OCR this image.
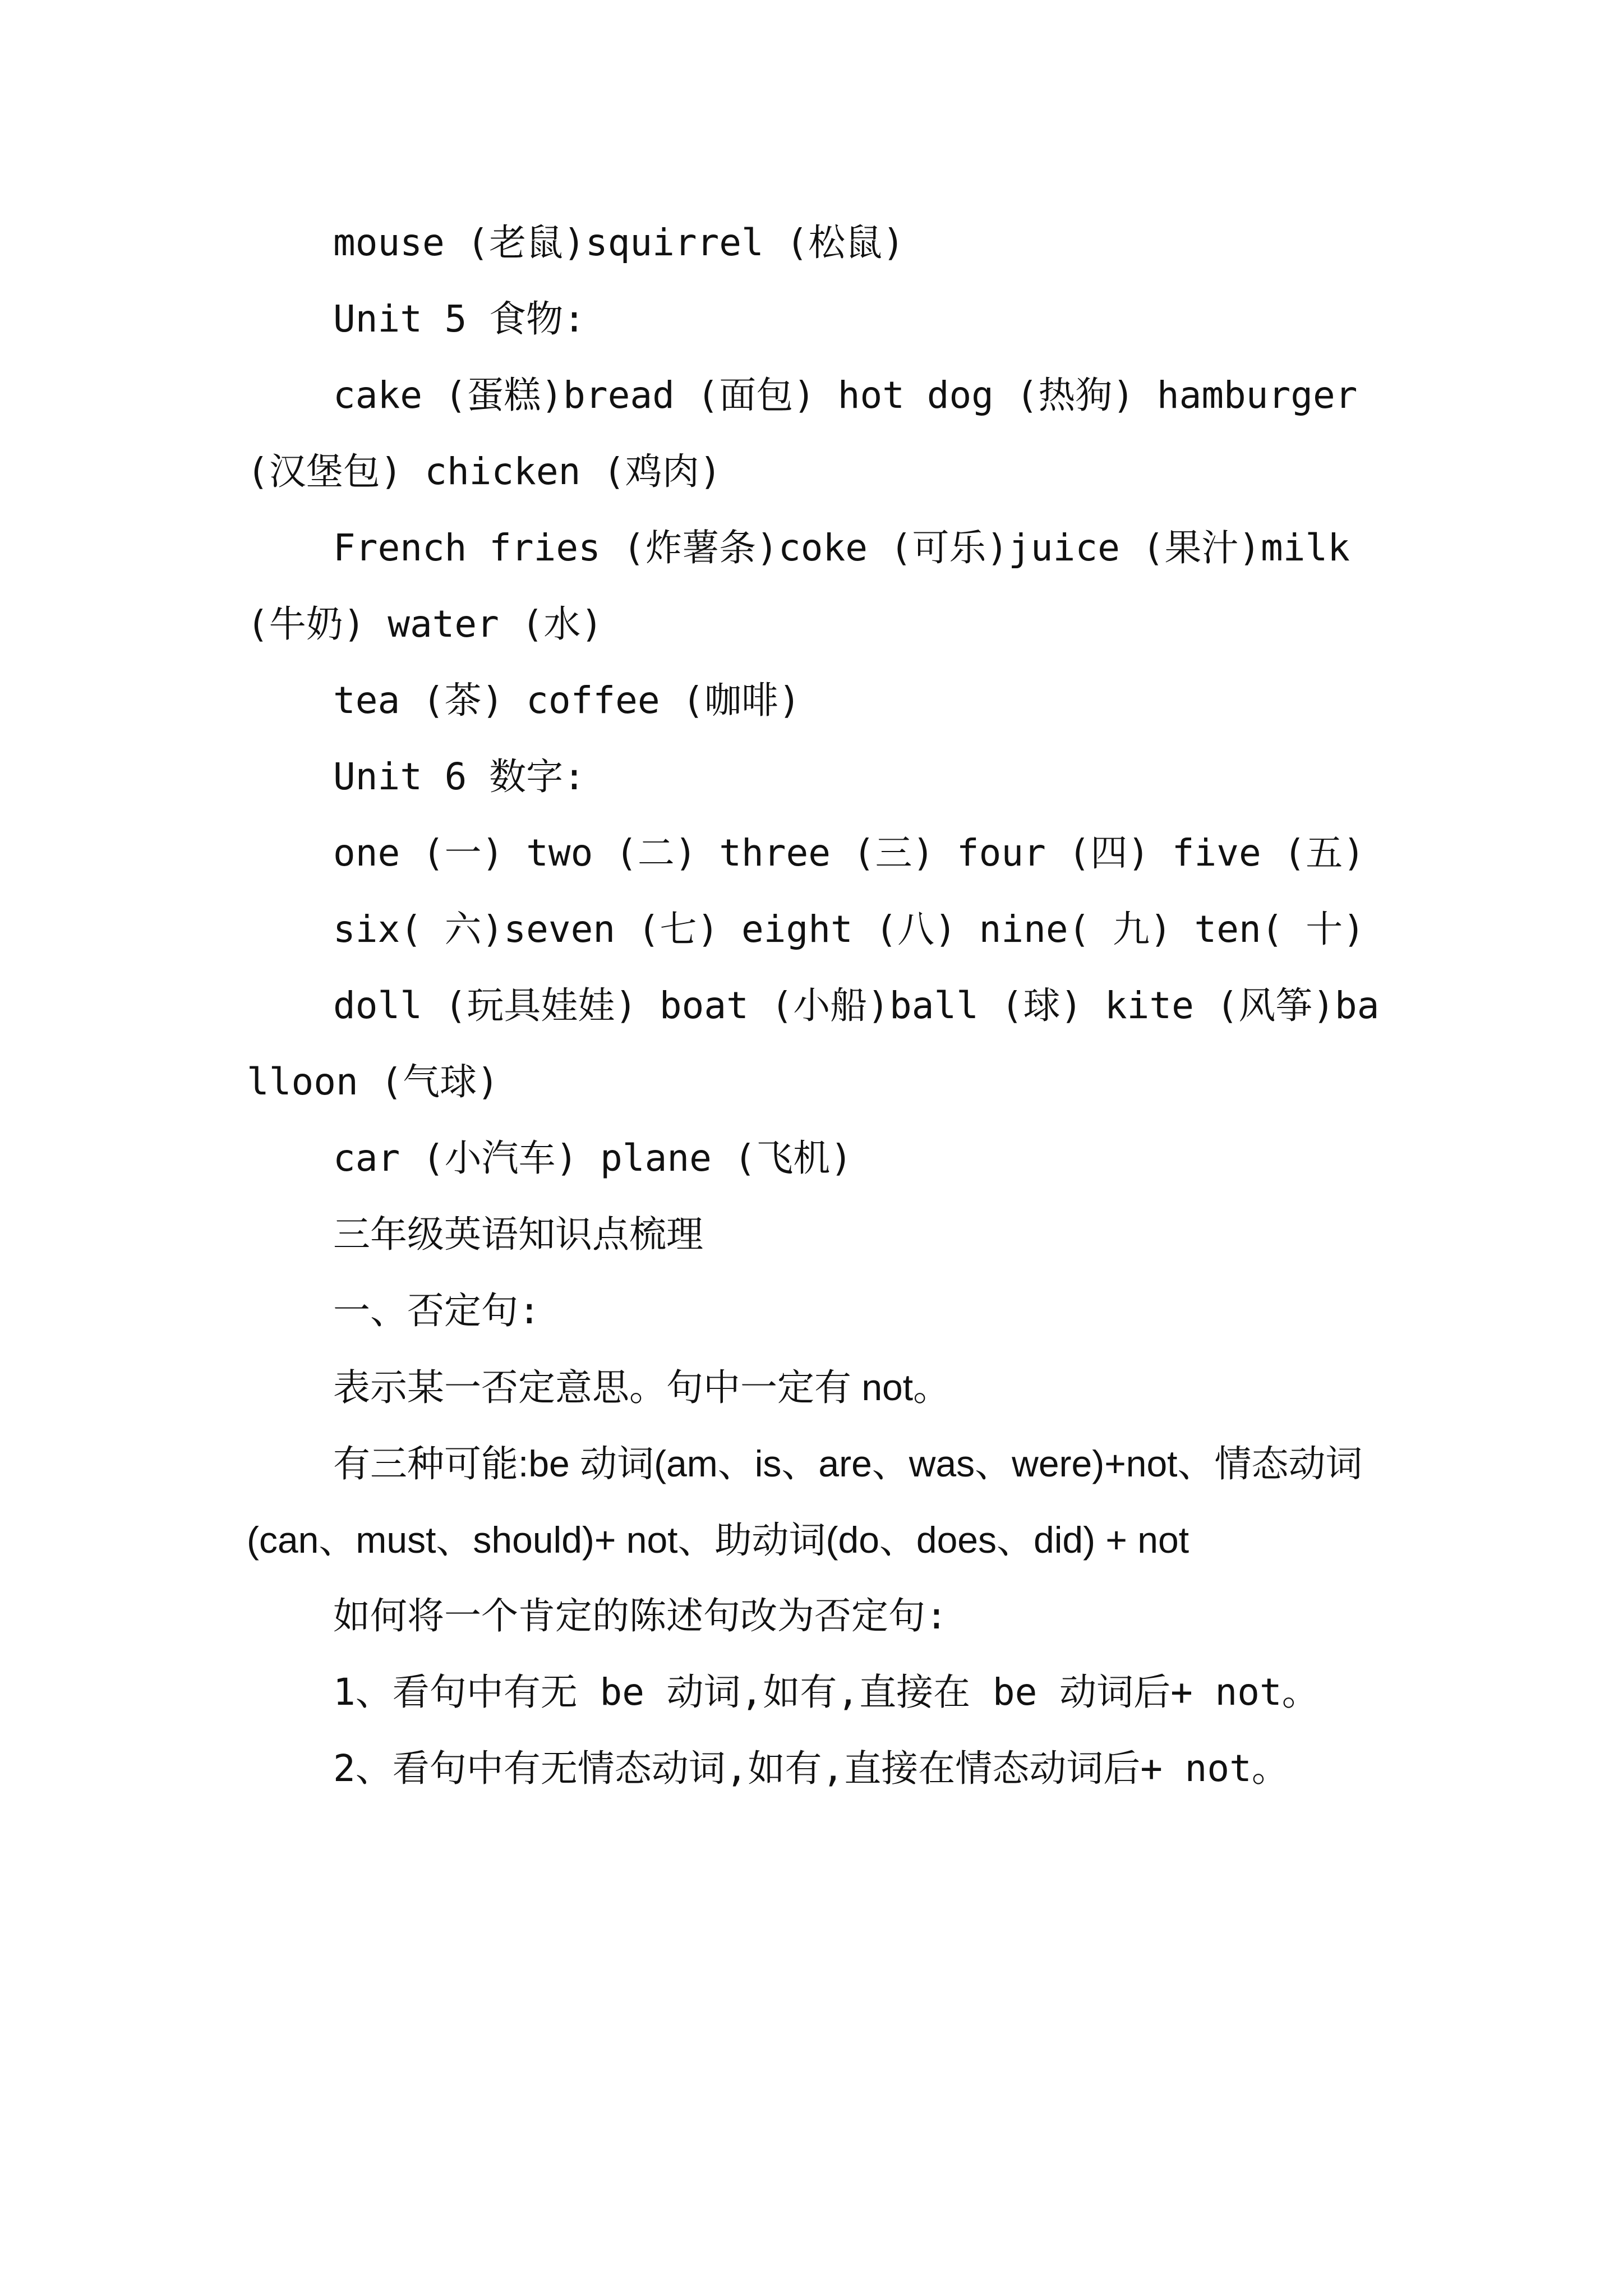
mouse (老鼠)squirrel (松鼠)

Unit 5 食物:

cake (蛋糕)bread (面包) hot dog (热狗) hamburger (汉堡包) chicken (鸡肉)

French fries (炸薯条)coke (可乐)juice (果汁)milk (牛奶) water (水)

tea (茶) coffee (咖啡)

Unit 6 数字:

one (一) two (二) three (三) four (四) five (五)

six( 六)seven (七) eight (八) nine( 九) ten( 十)

doll (玩具娃娃) boat (小船)ball (球) kite (风筝)balloon (气球)

car (小汽车) plane (飞机)

三年级英语知识点梳理

一、否定句:

表示某一否定意思。句中一定有 not。

有三种可能:be 动词(am、is、are、was、were)+not、情态动词(can、must、should)+ not、助动词(do、does、did) + not

如何将一个肯定的陈述句改为否定句:

1、看句中有无 be 动词,如有,直接在 be 动词后+ not。

2、看句中有无情态动词,如有,直接在情态动词后+ not。
